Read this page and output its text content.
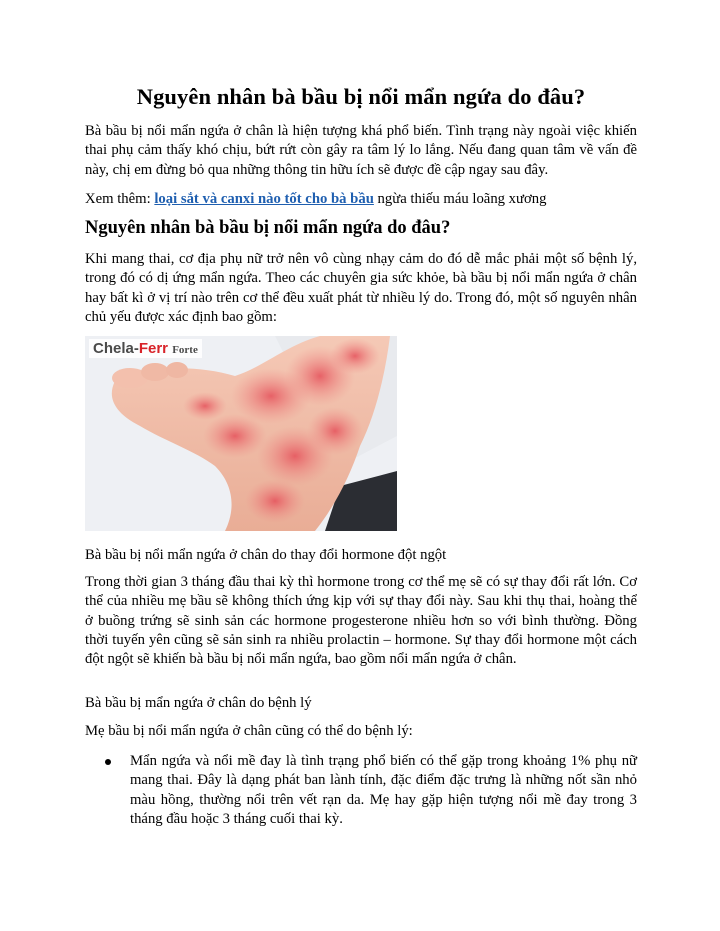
Nguyên nhân bà bầu bị nổi mẩn ngứa do đâu?

Bà bầu bị nổi mẩn ngứa ở chân là hiện tượng khá phổ biến. Tình trạng này ngoài việc khiến thai phụ cảm thấy khó chịu, bứt rứt còn gây ra tâm lý lo lắng. Nếu đang quan tâm về vấn đề này, chị em đừng bỏ qua những thông tin hữu ích sẽ được đề cập ngay sau đây.

Xem thêm: loại sắt và canxi nào tốt cho bà bầu ngừa thiếu máu loãng xương

Nguyên nhân bà bầu bị nổi mẩn ngứa do đâu?

Khi mang thai, cơ địa phụ nữ trở nên vô cùng nhạy cảm do đó dễ mắc phải một số bệnh lý, trong đó có dị ứng mẩn ngứa. Theo các chuyên gia sức khỏe, bà bầu bị nổi mẩn ngứa ở chân hay bất kì ở vị trí nào trên cơ thể đều xuất phát từ nhiều lý do. Trong đó, một số nguyên nhân chủ yếu được xác định bao gồm:

Chela-Ferr Forte

Bà bầu bị nổi mẩn ngứa ở chân do thay đổi hormone đột ngột

Trong thời gian 3 tháng đầu thai kỳ thì hormone trong cơ thể mẹ sẽ có sự thay đổi rất lớn. Cơ thể của nhiều mẹ bầu sẽ không thích ứng kịp với sự thay đổi này. Sau khi thụ thai, hoàng thể ở buồng trứng sẽ sinh sản các hormone progesterone nhiều hơn so với bình thường. Đồng thời tuyến yên cũng sẽ sản sinh ra nhiều prolactin – hormone. Sự thay đổi hormone một cách đột ngột sẽ khiến bà bầu bị nổi mẩn ngứa, bao gồm nổi mẩn ngứa ở chân.

Bà bầu bị mẩn ngứa ở chân do bệnh lý

Mẹ bầu bị nổi mẩn ngứa ở chân cũng có thể do bệnh lý:

Mẩn ngứa và nổi mề đay là tình trạng phổ biến có thể gặp trong khoảng 1% phụ nữ mang thai. Đây là dạng phát ban lành tính, đặc điểm đặc trưng là những nốt sần nhỏ màu hồng, thường nổi trên vết rạn da. Mẹ hay gặp hiện tượng nổi mề đay trong 3 tháng đầu hoặc 3 tháng cuối thai kỳ.
